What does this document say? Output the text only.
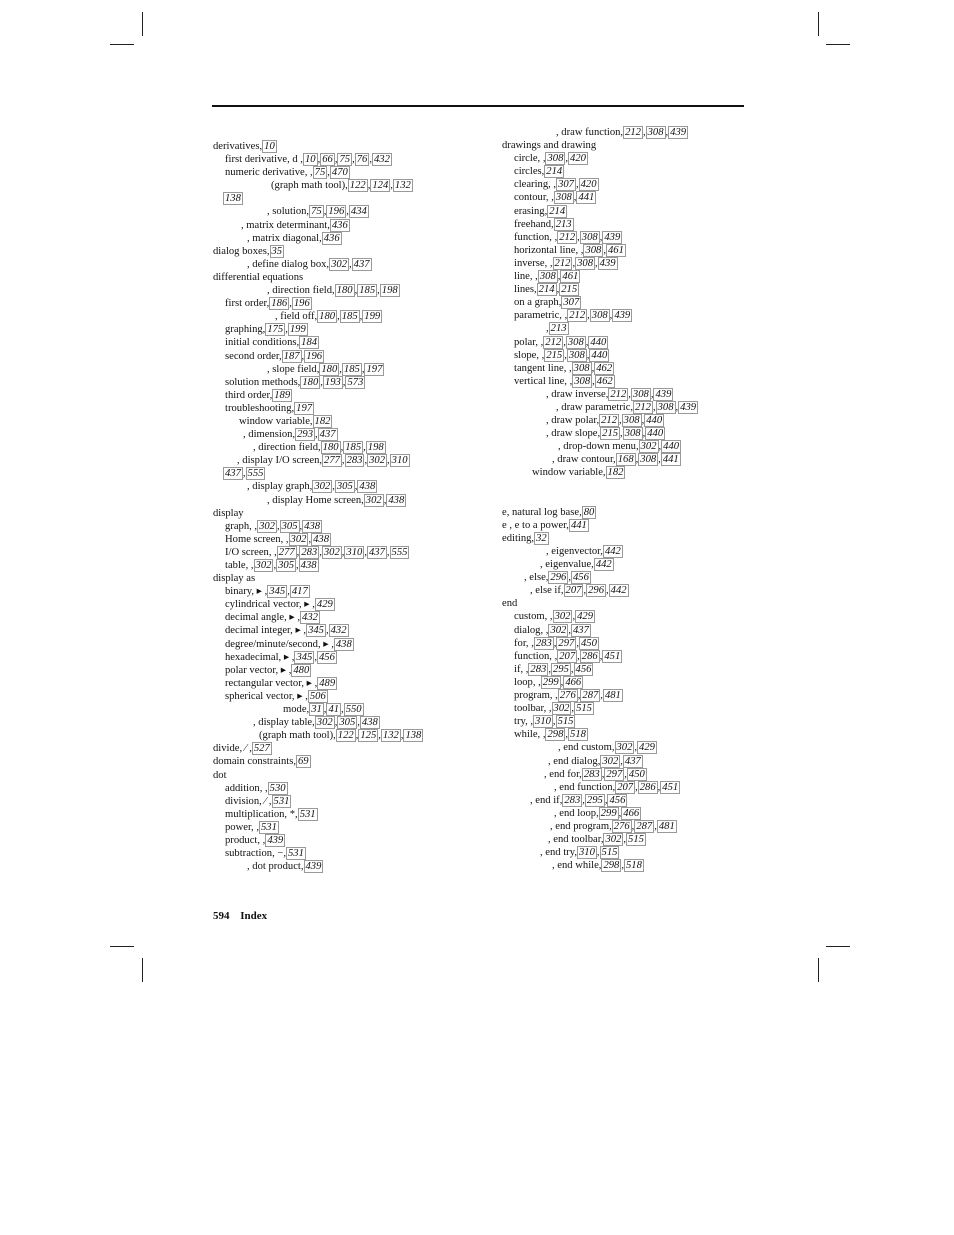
derivatives, 10
first derivative, d , 10 , 66 , 75 , 76 , 432
numeric derivative, , 75 , 470
(graph math tool), 122 , 124 , 132
138
, solution, 75 , 196 , 434
, matrix determinant, 436
, matrix diagonal, 436
dialog boxes, 35
, define dialog box, 302 , 437
differential equations
, direction field, 180 , 185 , 198
first order, 186 , 196
, field off, 180 , 185 , 199
graphing, 175 , 199
initial conditions, 184
second order, 187 , 196
, slope field, 180 , 185 , 197
solution methods, 180 , 193 , 573
third order, 189
troubleshooting, 197
window variable, 182
, dimension, 293 , 437
, direction field, 180 , 185 , 198
, display I/O screen, 277 , 283 , 302 , 310
437 , 555
, display graph, 302 , 305 , 438
, display Home screen, 302 , 438
display
graph, , 302 , 305 , 438
Home screen, , 302 , 438
I/O screen, , 277 , 283 , 302 , 310 , 437 , 555
table, , 302 , 305 , 438
display as
binary, ▸ , 345 , 417
cylindrical vector, ▸ , 429
decimal angle, ▸ , 432
decimal integer, ▸ , 345 , 432
degree/minute/second, ▸ , 438
hexadecimal, ▸ , 345 , 456
polar vector, ▸ , 480
rectangular vector, ▸ , 489
spherical vector, ▸ , 506
mode, 31 , 41 , 550
, display table, 302 , 305 , 438
(graph math tool), 122 , 125 , 132 , 138
divide, ⁄ , 527
domain constraints, 69
dot
addition, , 530
division, ⁄ , 531
multiplication, *, 531
power, , 531
product, , 439
subtraction, −, 531
, dot product, 439
, draw function, 212 , 308 , 439
drawings and drawing
circle, , 308 , 420
circles, 214
clearing, , 307 , 420
contour, , 308 , 441
erasing, 214
freehand, 213
function, , 212 , 308 , 439
horizontal line, , 308 , 461
inverse, , 212 , 308 , 439
line, , 308 , 461
lines, 214 , 215
on a graph, 307
parametric, , 212 , 308 , 439
, 213
polar, , 212 , 308 , 440
slope, , 215 , 308 , 440
tangent line, , 308 , 462
vertical line, , 308 , 462
, draw inverse, 212 , 308 , 439
, draw parametric, 212 , 308 , 439
, draw polar, 212 , 308 , 440
, draw slope, 215 , 308 , 440
, drop-down menu, 302 , 440
, draw contour, 168 , 308 , 441
window variable, 182

e, natural log base, 80
e , e to a power, 441
editing, 32
, eigenvector, 442
, eigenvalue, 442
, else, 296 , 456
, else if, 207 , 296 , 442
end
custom, , 302 , 429
dialog, , 302 , 437
for, , 283 , 297 , 450
function, , 207 , 286 , 451
if, , 283 , 295 , 456
loop, , 299 , 466
program, , 276 , 287 , 481
toolbar, , 302 , 515
try, , 310 , 515
while, , 298 , 518
, end custom, 302 , 429
, end dialog, 302 , 437
, end for, 283 , 297 , 450
, end function, 207 , 286 , 451
, end if, 283 , 295 , 456
, end loop, 299 , 466
, end program, 276 , 287 , 481
, end toolbar, 302 , 515
, end try, 310 , 515
, end while, 298 , 518
594 Index
